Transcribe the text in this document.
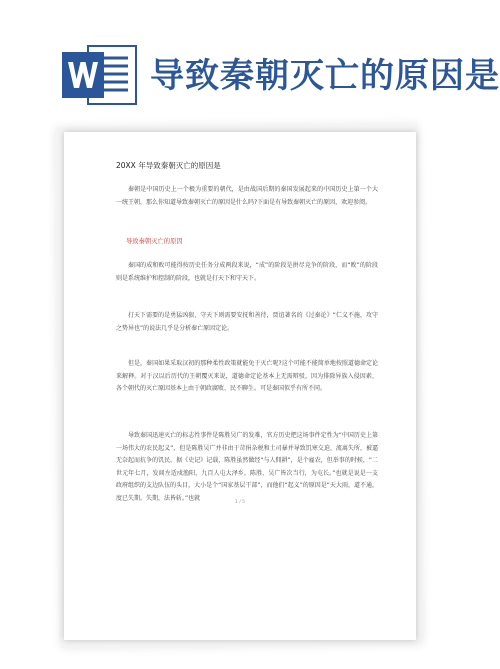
导致秦朝灭亡的原因是
20XX 年导致秦朝灭亡的原因是
秦朝是中国历史上一个极为重要的朝代，是由战国后期的秦国发展起来的中国历史上第一个大一统王朝，那么你知道导致秦朝灭亡的原因是什么吗?下面是有导致秦朝灭亡的原因，欢迎参阅。
导致秦朝灭亡的原因
秦国的成和败可能得按历史任务分成两段来说，“成”的阶段是拼尽竞争的阶段，而“败”的阶段则是系统维护和控制的阶段，也就是打天下和守天下。
打天下需要的是勇猛凶狠，守天下则需要安抚和善待，贾谊著名的《过秦论》“仁义不施，攻守之势异也”的说法几乎是分析秦亡原因定论。
但是，秦国如果采取汉初的那种柔性政策就能免于灭亡呢?这个可能不能简单地按照道德命定论来解释。对于汉以后历代的王朝覆灭来说，道德命定论基本上无需辩驳，因为排除异族入侵因素，各个朝代的灭亡原因基本上由于朝政腐败、民不聊生。可是秦国似乎有所不同。
导致秦国迅速灭亡的标志性事件是陈胜吴广的发难，官方历史把这场事件定性为“中国历史上第一场伟大的农民起义”，但是陈胜吴广并非由于苛捐杂税和土司暴并导致饥寒交迫、流离失所，被逼无奈起而抗争的饥民。据《史记》记载，陈胜虽然做经“与人佣耕”，是个雇农，但举事的时候，“二世元年七月，发闾左适戍渔阳，九百人屯大泽乡。陈胜、吴广皆次当行，为屯长。”也就是说是一支政府组织的支边队伍的头目，大小是个“国家基层干部”，而他们“起义”的原因是“天大雨，道不通，度已失期。失期，法皆斩。”也就
1 / 5
